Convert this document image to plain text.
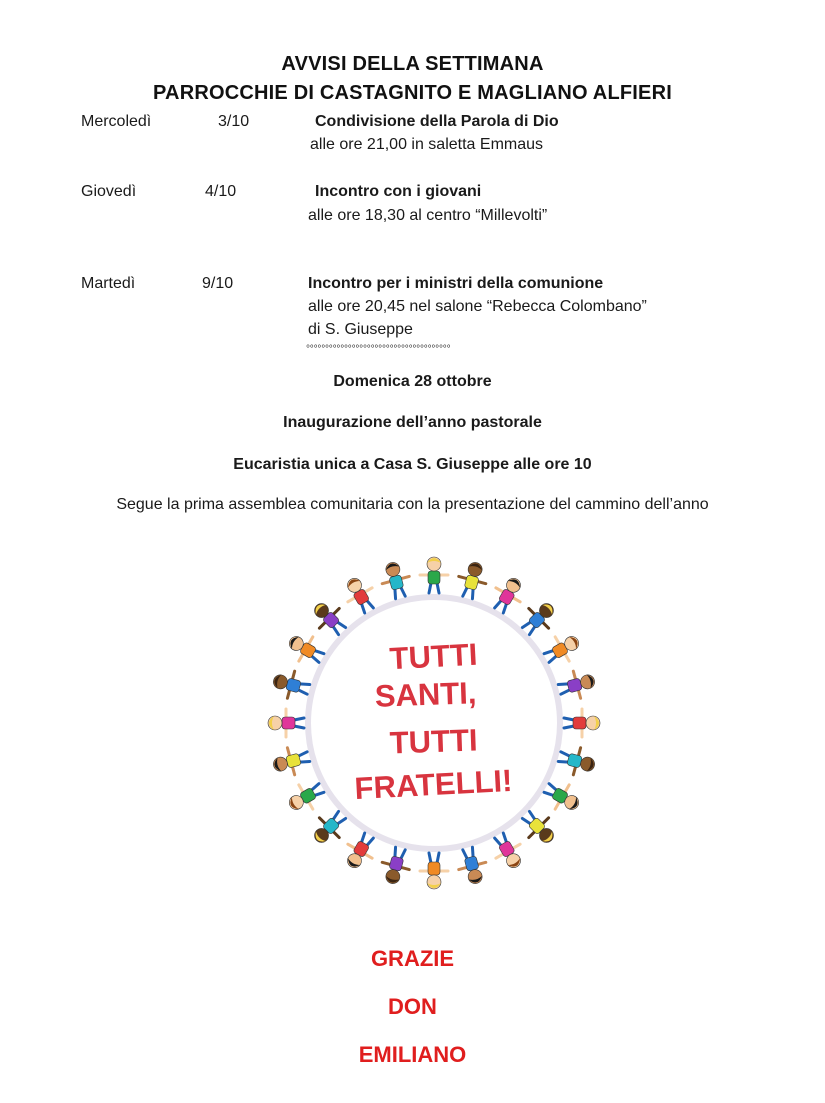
AVVISI DELLA SETTIMANA
PARROCCHIE DI CASTAGNITO E MAGLIANO ALFIERI
Mercoledì	3/10	Condivisione della Parola di Dio
alle ore 21,00 in saletta Emmaus
Giovedì	4/10	Incontro con i giovani
alle ore 18,30 al centro “Millevolti”
Martedì	9/10	Incontro per i ministri della comunione
alle ore 20,45 nel salone “Rebecca Colombano”
di S. Giuseppe
°°°°°°°°°°°°°°°°°°°°°°°°°°°°°°°°°°°°°°
Domenica 28 ottobre
Inaugurazione dell’anno pastorale
Eucaristia unica a Casa S. Giuseppe alle ore 10
Segue la prima assemblea comunitaria con la presentazione del cammino dell’anno
TUTTI
SANTI,
TUTTI
FRATELLI!
GRAZIE
DON
EMILIANO
